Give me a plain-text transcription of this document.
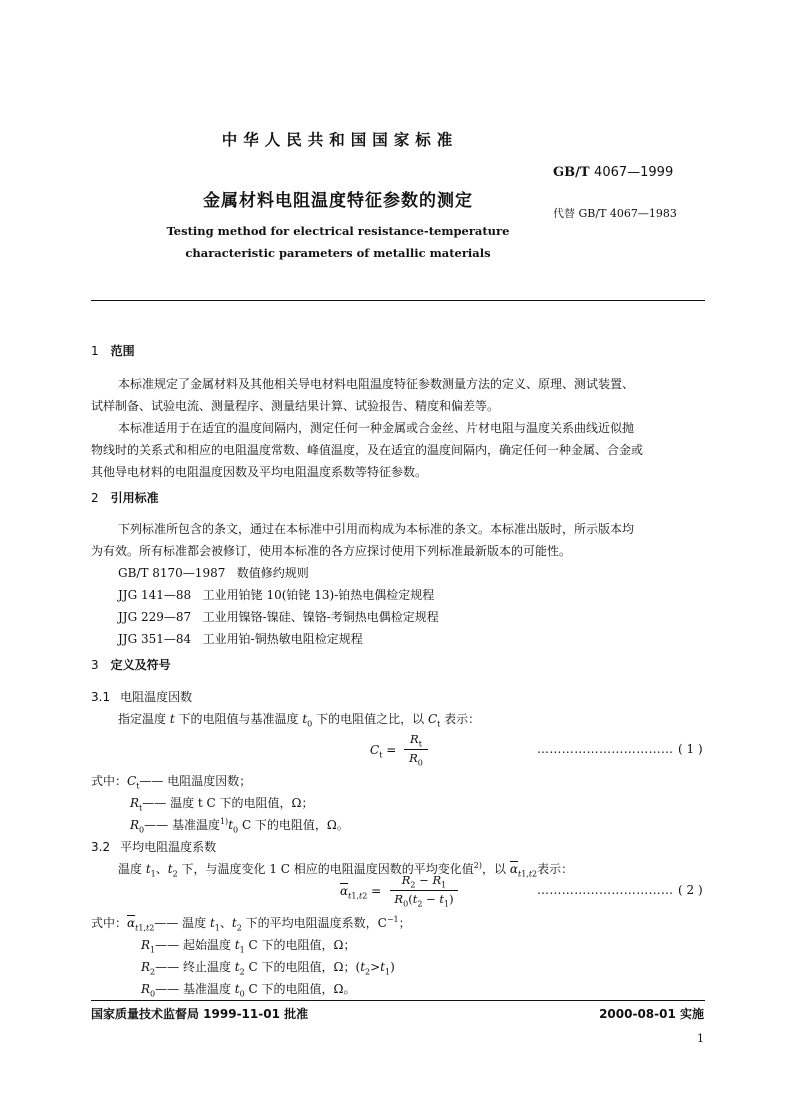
中华人民共和国国家标准
GB/T 4067—1999
金属材料电阻温度特征参数的测定
代替 GB/T 4067—1983
Testing method for electrical resistance-temperature
characteristic parameters of metallic materials
1 范围
本标准规定了金属材料及其他相关导电材料电阻温度特征参数测量方法的定义、原理、测试装置、
试样制备、试验电流、测量程序、测量结果计算、试验报告、精度和偏差等。
本标准适用于在适宜的温度间隔内，测定任何一种金属或合金丝、片材电阻与温度关系曲线近似抛
物线时的关系式和相应的电阻温度常数、峰值温度，及在适宜的温度间隔内，确定任何一种金属、合金或
其他导电材料的电阻温度因数及平均电阻温度系数等特征参数。
2 引用标准
下列标准所包含的条文，通过在本标准中引用而构成为本标准的条文。本标准出版时，所示版本均
为有效。所有标准都会被修订，使用本标准的各方应探讨使用下列标准最新版本的可能性。
GB/T 8170—1987 数值修约规则
JJG 141—88 工业用铂铑 10(铂铑 13)-铂热电偶检定规程
JJG 229—87 工业用镍铬-镍硅、镍铬-考铜热电偶检定规程
JJG 351—84 工业用铂-铜热敏电阻检定规程
3 定义及符号
3.1 电阻温度因数
指定温度 t 下的电阻值与基准温度 $t_0$ 下的电阻值之比，以 $C_t$ 表示：
$C_t$ =
$R_t$
$R_0$
…………………………… ( 1 )
式中：$C_t——$ 电阻温度因数；
$R_t——$ 温度 t C 下的电阻值，Ω；
$R_0——$ 基准温度$^{1)}t_0$ C 下的电阻值，Ω。
3.2 平均电阻温度系数
温度 $t_1$、$t_2$ 下，与温度变化 1 C 相应的电阻温度因数的平均变化值$^{2)}$，以 $\overline{\alpha}_{t1,t2}$表示：
$\overline{\alpha}_{t1,t2}$ =
$R_2 - R_1$
$R_0(t_2 - t_1)$
…………………………… ( 2 )
式中：$\overline{\alpha}_{t1,t2}——$ 温度 $t_1$、$t_2$ 下的平均电阻温度系数，$C^{-1}$；
$R_1——$ 起始温度 $t_1$ C 下的电阻值，Ω；
$R_2——$ 终止温度 $t_2$ C 下的电阻值，Ω；$(t_2>t_1)$
$R_0——$ 基准温度 $t_0$ C 下的电阻值，Ω。
国家质量技术监督局 1999-11-01 批准	2000-08-01 实施
1
